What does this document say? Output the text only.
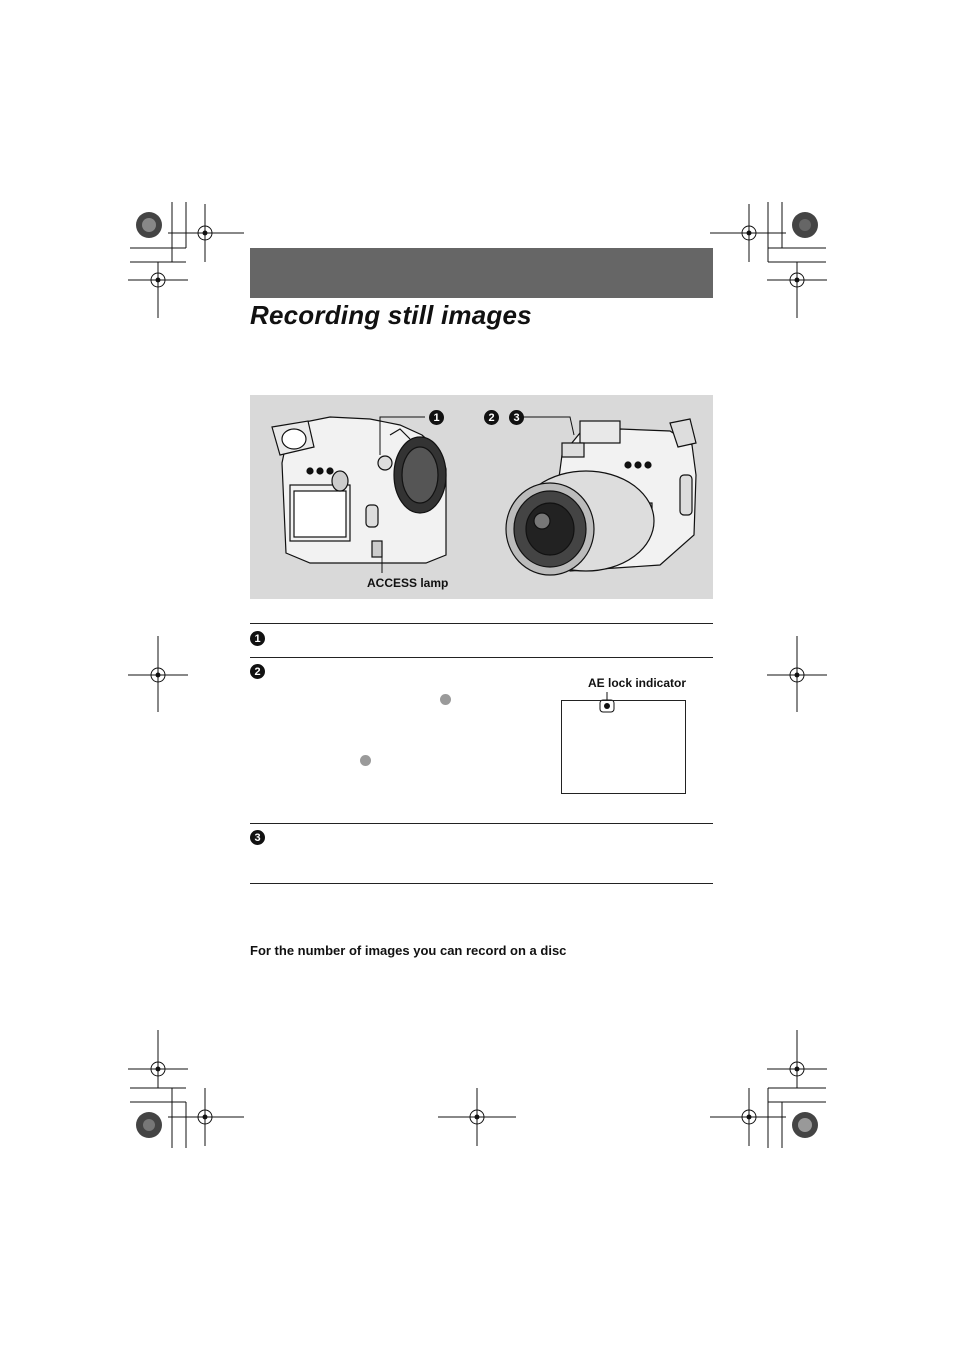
Recording still images
1	2	3
ACCESS lamp
1
2
AE lock indicator
3
For the number of images you can record on a disc
